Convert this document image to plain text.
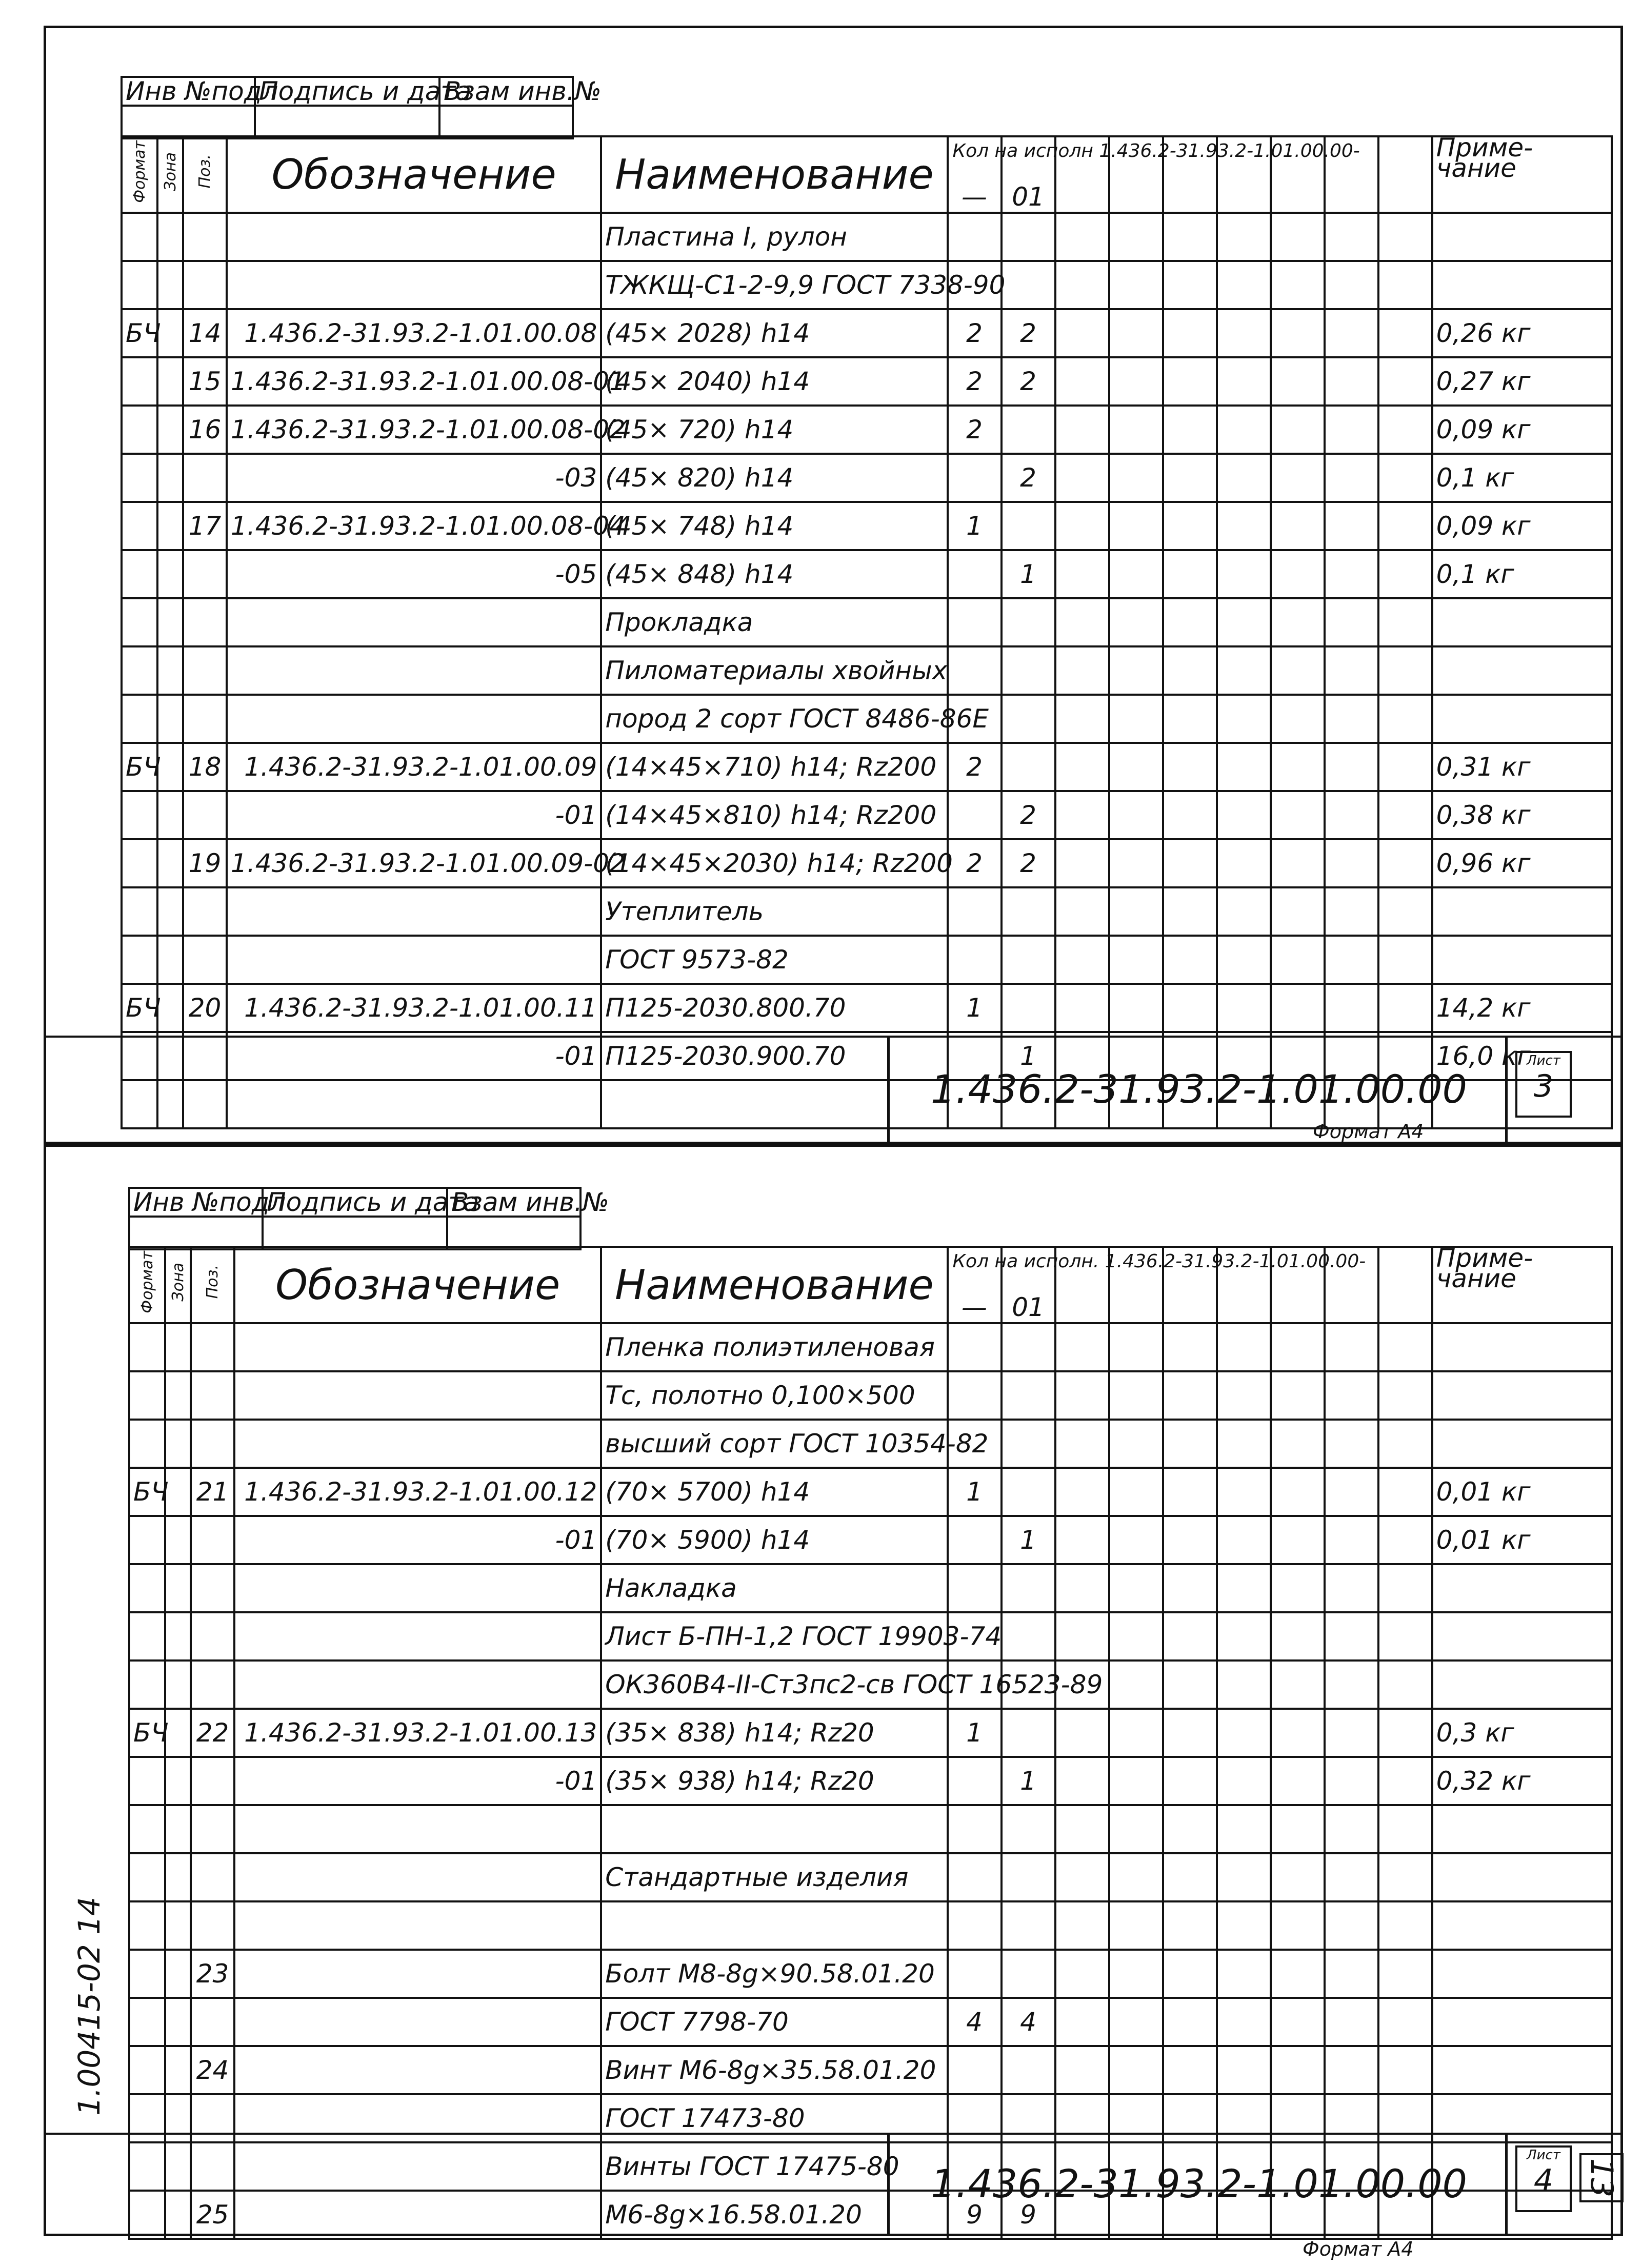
Инв №подл	Подпись и дата	Взам инв.№

Формат	Зона	Поз.	Обозначение	Наименование	Кол на исполн 1.436.2-31.93.2-1.01.00.00-
—	01								Приме-чание
				Пластина I, рулон										
				ТЖКЩ-С1-2-9,9 ГОСТ 7338-90										
БЧ		14	1.436.2-31.93.2-1.01.00.08	(45× 2028) h14	2	2								0,26 кг
		15	1.436.2-31.93.2-1.01.00.08-01	(45× 2040) h14	2	2								0,27 кг
		16	1.436.2-31.93.2-1.01.00.08-02	(45× 720) h14	2									0,09 кг
			-03	(45× 820) h14		2								0,1 кг
		17	1.436.2-31.93.2-1.01.00.08-04	(45× 748) h14	1									0,09 кг
			-05	(45× 848) h14		1								0,1 кг
				Прокладка										
				Пиломатериалы хвойных										
				пород 2 сорт ГОСТ 8486-86Е										
БЧ		18	1.436.2-31.93.2-1.01.00.09	(14×45×710) h14; Rz200	2									0,31 кг
			-01	(14×45×810) h14; Rz200		2								0,38 кг
		19	1.436.2-31.93.2-1.01.00.09-02	(14×45×2030) h14; Rz200	2	2								0,96 кг
				Утеплитель										
				ГОСТ 9573-82										
БЧ		20	1.436.2-31.93.2-1.01.00.11	П125-2030.800.70	1									14,2 кг
			-01	П125-2030.900.70		1								16,0 кг

1.436.2-31.93.2-1.01.00.00
Лист
3
Формат А4
Инв №подл	Подпись и дата	Взам инв.№

Формат	Зона	Поз.	Обозначение	Наименование	Кол на исполн. 1.436.2-31.93.2-1.01.00.00-
—	01								Приме-чание
				Пленка полиэтиленовая										
				Тс, полотно 0,100×500										
				высший сорт ГОСТ 10354-82										
БЧ		21	1.436.2-31.93.2-1.01.00.12	(70× 5700) h14	1									0,01 кг
			-01	(70× 5900) h14		1								0,01 кг
				Накладка										
				Лист Б-ПН-1,2 ГОСТ 19903-74										
				ОК360В4-II-Ст3пс2-св ГОСТ 16523-89										
БЧ		22	1.436.2-31.93.2-1.01.00.13	(35× 838) h14; Rz20	1									0,3 кг
			-01	(35× 938) h14; Rz20		1								0,32 кг

				Стандартные изделия										

		23		Болт М8-8g×90.58.01.20										
				ГОСТ 7798-70	4	4								
		24		Винт М6-8g×35.58.01.20										
				ГОСТ 17473-80										
				Винты ГОСТ 17475-80										
		25		М6-8g×16.58.01.20	9	9								
1.436.2-31.93.2-1.01.00.00
Лист
4
Формат А4
1.00415-02 14
13
